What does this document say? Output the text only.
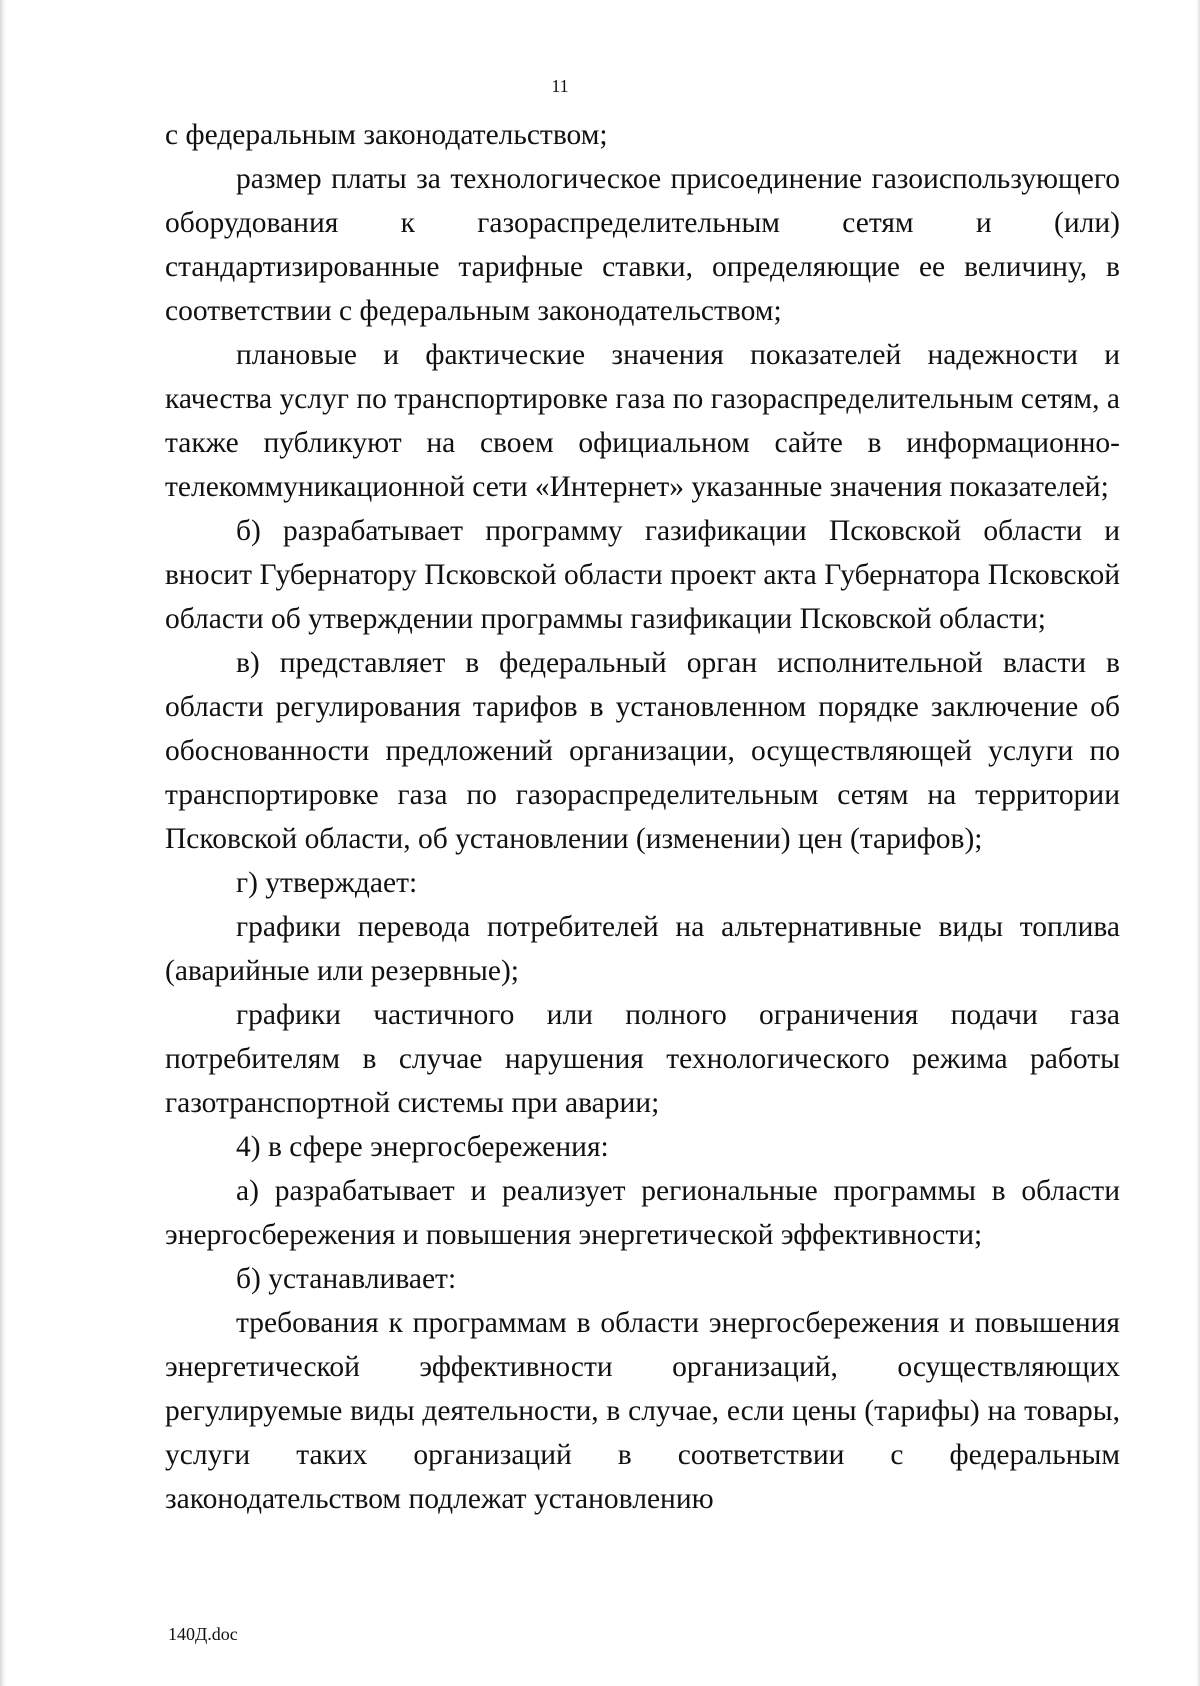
11

с федеральным законодательством;

размер платы за технологическое присоединение газоиспользующего оборудования к газораспределительным сетям и (или) стандартизированные тарифные ставки, определяющие ее величину, в соответствии с федеральным законодательством;

плановые и фактические значения показателей надежности и качества услуг по транспортировке газа по газораспределительным сетям, а также публикуют на своем официальном сайте в информационно-телекоммуникационной сети «Интернет» указанные значения показателей;

б) разрабатывает программу газификации Псковской области и вносит Губернатору Псковской области проект акта Губернатора Псковской области об утверждении программы газификации Псковской области;

в) представляет в федеральный орган исполнительной власти в области регулирования тарифов в установленном порядке заключение об обоснованности предложений организации, осуществляющей услуги по транспортировке газа по газораспределительным сетям на территории Псковской области, об установлении (изменении) цен (тарифов);

г) утверждает:

графики перевода потребителей на альтернативные виды топлива (аварийные или резервные);

графики частичного или полного ограничения подачи газа потребителям в случае нарушения технологического режима работы газотранспортной системы при аварии;

4) в сфере энергосбережения:

а) разрабатывает и реализует региональные программы в области энергосбережения и повышения энергетической эффективности;

б) устанавливает:

требования к программам в области энергосбережения и повышения энергетической эффективности организаций, осуществляющих регулируемые виды деятельности, в случае, если цены (тарифы) на товары, услуги таких организаций в соответствии с федеральным законодательством подлежат установлению

140Д.doc
